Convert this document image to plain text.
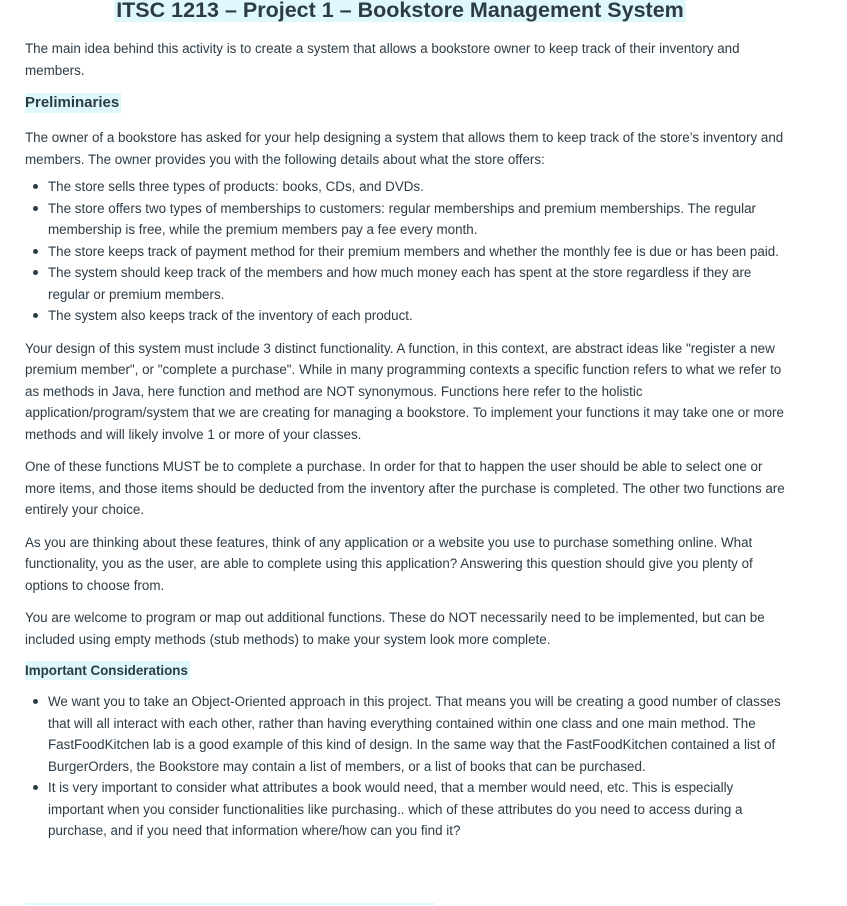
ITSC 1213 – Project 1 – Bookstore Management System

The main idea behind this activity is to create a system that allows a bookstore owner to keep track of their inventory and members.

Preliminaries

The owner of a bookstore has asked for your help designing a system that allows them to keep track of the store’s inventory and members. The owner provides you with the following details about what the store offers:

The store sells three types of products: books, CDs, and DVDs.
The store offers two types of memberships to customers: regular memberships and premium memberships. The regular membership is free, while the premium members pay a fee every month.
The store keeps track of payment method for their premium members and whether the monthly fee is due or has been paid.
The system should keep track of the members and how much money each has spent at the store regardless if they are regular or premium members.
The system also keeps track of the inventory of each product.

Your design of this system must include 3 distinct functionality. A function, in this context, are abstract ideas like "register a new premium member", or "complete a purchase". While in many programming contexts a specific function refers to what we refer to as methods in Java, here function and method are NOT synonymous. Functions here refer to the holistic application/program/system that we are creating for managing a bookstore. To implement your functions it may take one or more methods and will likely involve 1 or more of your classes.

One of these functions MUST be to complete a purchase. In order for that to happen the user should be able to select one or more items, and those items should be deducted from the inventory after the purchase is completed. The other two functions are entirely your choice.

As you are thinking about these features, think of any application or a website you use to purchase something online. What functionality, you as the user, are able to complete using this application? Answering this question should give you plenty of options to choose from.

You are welcome to program or map out additional functions. These do NOT necessarily need to be implemented, but can be included using empty methods (stub methods) to make your system look more complete.

Important Considerations
We want you to take an Object-Oriented approach in this project. That means you will be creating a good number of classes that will all interact with each other, rather than having everything contained within one class and one main method. The FastFoodKitchen lab is a good example of this kind of design. In the same way that the FastFoodKitchen contained a list of BurgerOrders, the Bookstore may contain a list of members, or a list of books that can be purchased.
It is very important to consider what attributes a book would need, that a member would need, etc. This is especially important when you consider functionalities like purchasing.. which of these attributes do you need to access during a purchase, and if you need that information where/how can you find it?
